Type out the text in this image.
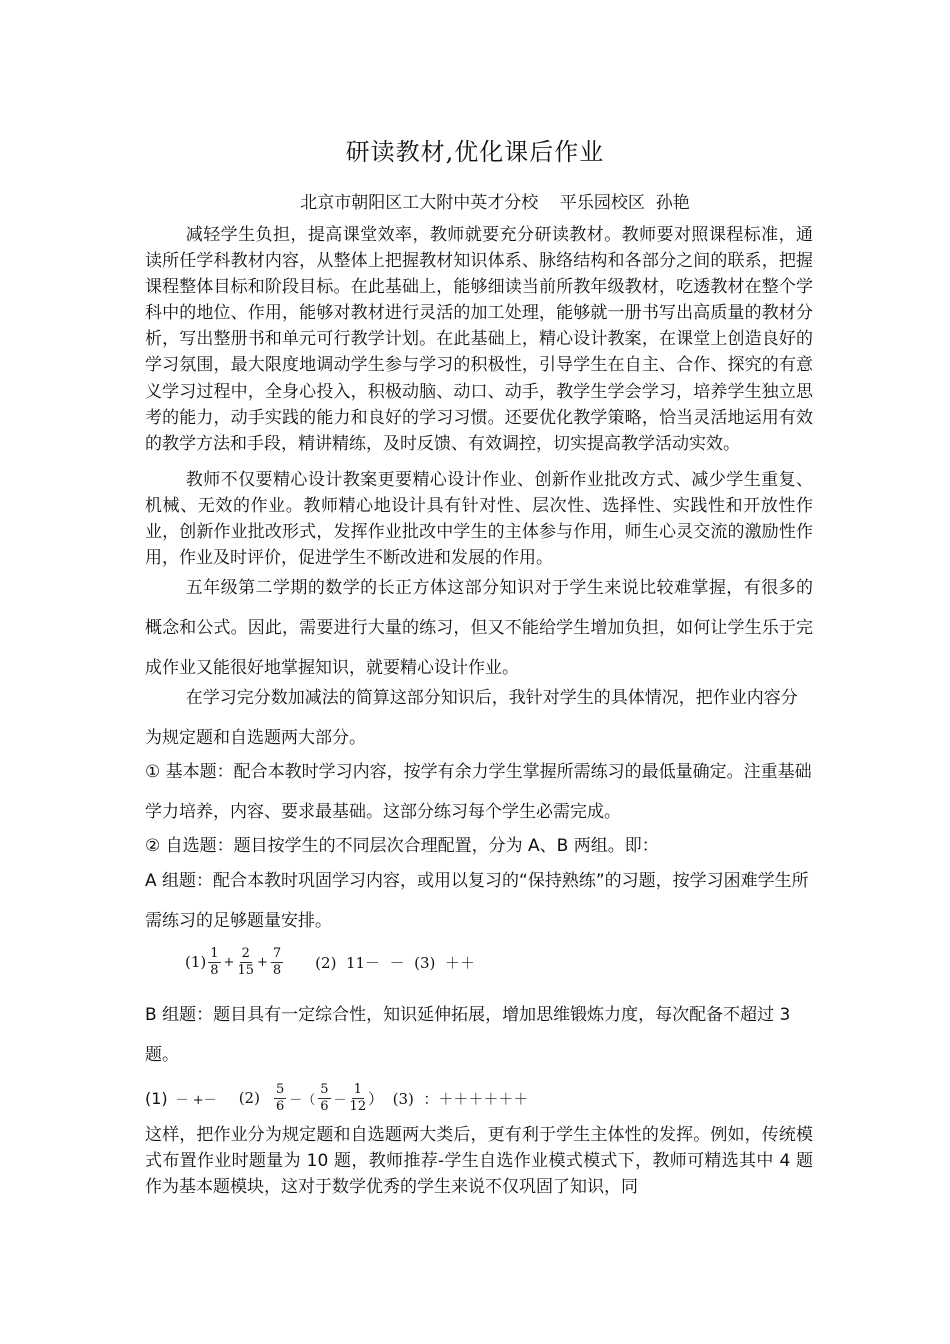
研读教材,优化课后作业
北京市朝阳区工大附中英才分校    平乐园校区  孙艳
减轻学生负担，提高课堂效率，教师就要充分研读教材。教师要对照课程标准，通读所任学科教材内容，从整体上把握教材知识体系、脉络结构和各部分之间的联系，把握课程整体目标和阶段目标。在此基础上，能够细读当前所教年级教材，吃透教材在整个学科中的地位、作用，能够对教材进行灵活的加工处理，能够就一册书写出高质量的教材分析，写出整册书和单元可行教学计划。在此基础上，精心设计教案，在课堂上创造良好的学习氛围，最大限度地调动学生参与学习的积极性，引导学生在自主、合作、探究的有意义学习过程中，全身心投入，积极动脑、动口、动手，教学生学会学习，培养学生独立思考的能力，动手实践的能力和良好的学习习惯。还要优化教学策略，恰当灵活地运用有效的教学方法和手段，精讲精练，及时反馈、有效调控，切实提高教学活动实效。
教师不仅要精心设计教案更要精心设计作业、创新作业批改方式、减少学生重复、机械、无效的作业。教师精心地设计具有针对性、层次性、选择性、实践性和开放性作业，创新作业批改形式，发挥作业批改中学生的主体参与作用，师生心灵交流的激励性作用，作业及时评价，促进学生不断改进和发展的作用。
五年级第二学期的数学的长正方体这部分知识对于学生来说比较难掌握，有很多的概念和公式。因此，需要进行大量的练习，但又不能给学生增加负担，如何让学生乐于完成作业又能很好地掌握知识，就要精心设计作业。
在学习完分数加减法的简算这部分知识后，我针对学生的具体情况，把作业内容分为规定题和自选题两大部分。
① 基本题：配合本教时学习内容，按学有余力学生掌握所需练习的最低量确定。注重基础学力培养，内容、要求最基础。这部分练习每个学生必需完成。
② 自选题：题目按学生的不同层次合理配置，分为 A、B 两组。即：
A 组题：配合本教时巩固学习内容，或用以复习的“保持熟练”的习题，按学习困难学生所需练习的足够题量安排。
$(1) \frac{1}{8} + \frac{2}{15} + \frac{7}{8} (2) 11- - (3)$  ＋＋
B 组题：题目具有一定综合性，知识延伸拓展，增加思维锻炼力度，每次配备不超过 3 题。
(1) － +－ $(2) \frac{5}{6}$ －（ $\frac{5}{6} - \frac{1}{12}$ ）  (3)  ：＋＋＋＋＋＋
这样，把作业分为规定题和自选题两大类后，更有利于学生主体性的发挥。例如，传统模式布置作业时题量为 10 题，教师推荐-学生自选作业模式模式下，教师可精选其中 4 题作为基本题模块，这对于数学优秀的学生来说不仅巩固了知识，同
